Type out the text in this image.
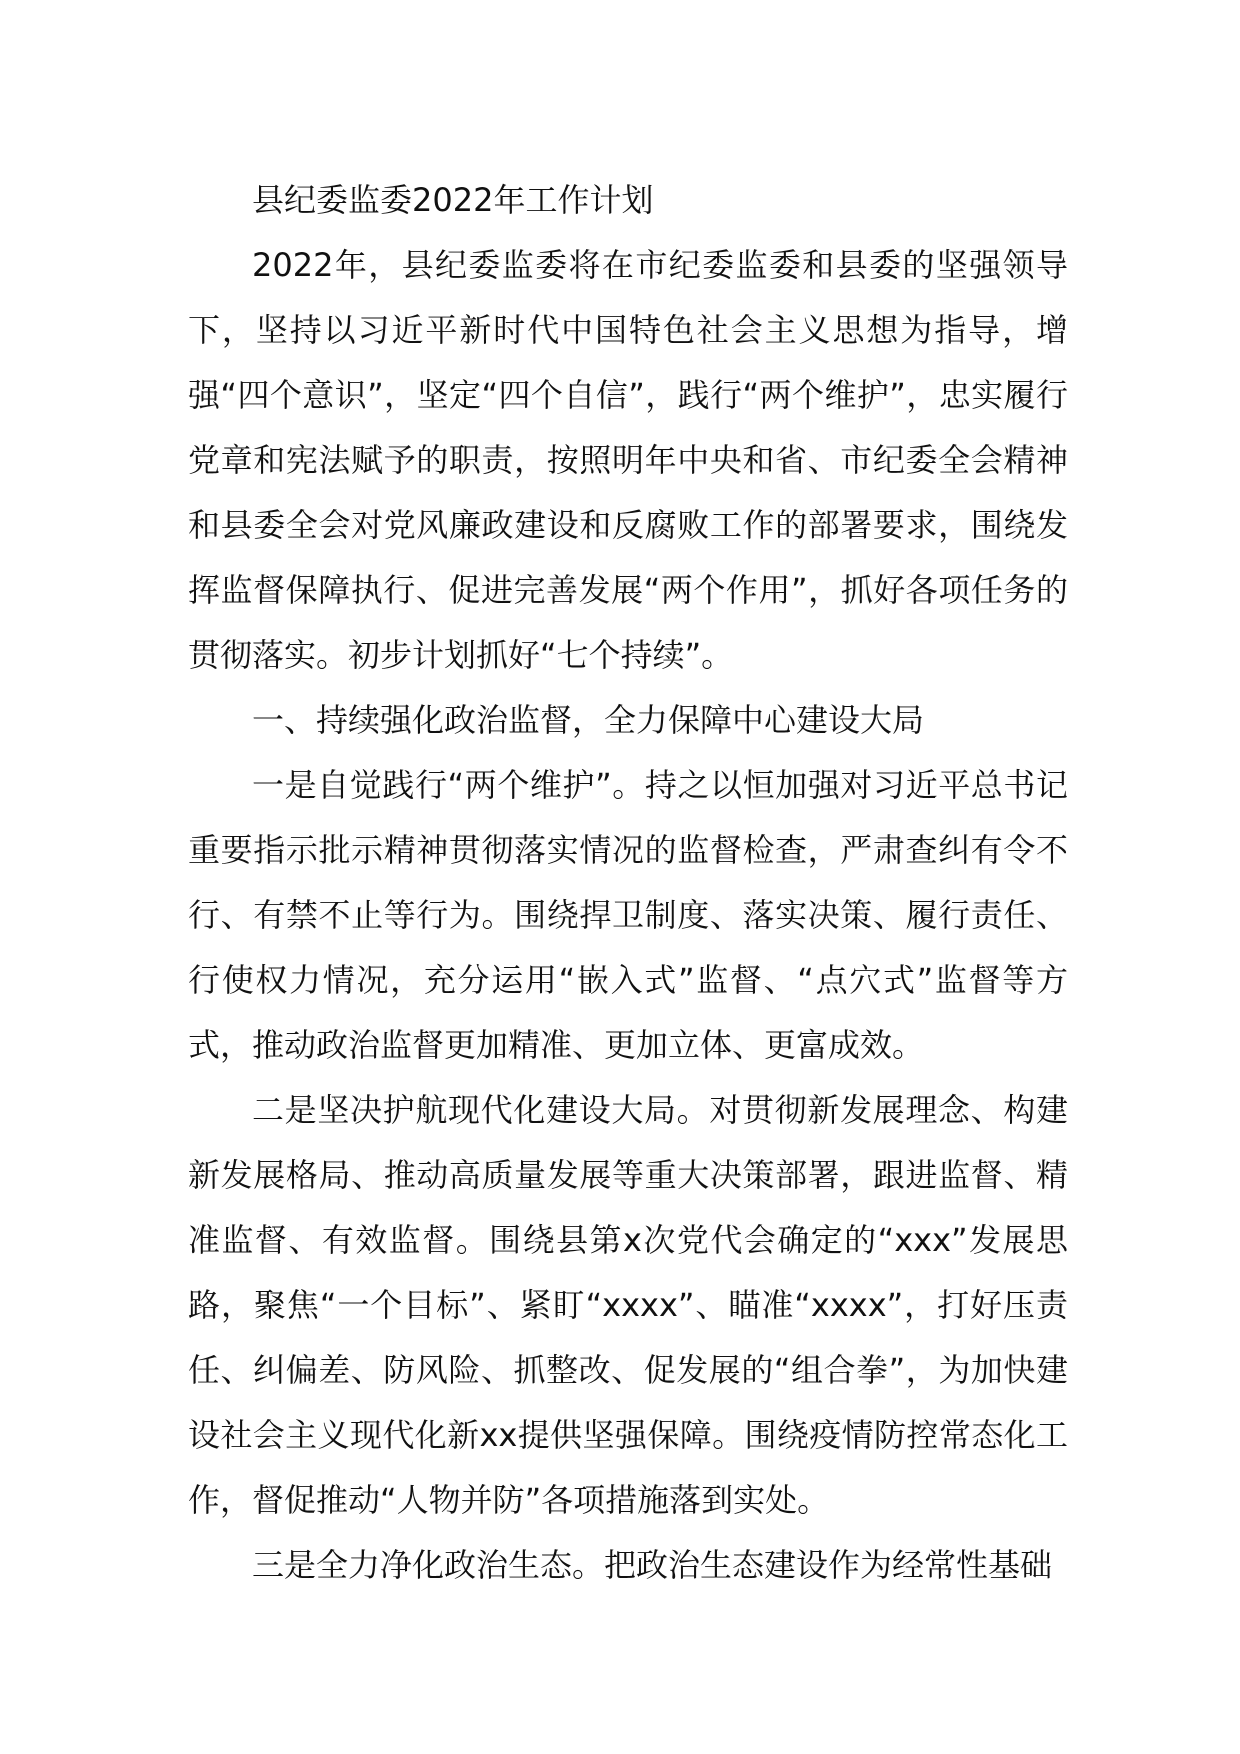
县纪委监委2022年工作计划

2022年，县纪委监委将在市纪委监委和县委的坚强领导下，坚持以习近平新时代中国特色社会主义思想为指导，增强“四个意识”，坚定“四个自信”，践行“两个维护”，忠实履行党章和宪法赋予的职责，按照明年中央和省、市纪委全会精神和县委全会对党风廉政建设和反腐败工作的部署要求，围绕发挥监督保障执行、促进完善发展“两个作用”，抓好各项任务的贯彻落实。初步计划抓好“七个持续”。

一、持续强化政治监督，全力保障中心建设大局

一是自觉践行“两个维护”。持之以恒加强对习近平总书记重要指示批示精神贯彻落实情况的监督检查，严肃查纠有令不行、有禁不止等行为。围绕捍卫制度、落实决策、履行责任、行使权力情况，充分运用“嵌入式”监督、“点穴式”监督等方式，推动政治监督更加精准、更加立体、更富成效。

二是坚决护航现代化建设大局。对贯彻新发展理念、构建新发展格局、推动高质量发展等重大决策部署，跟进监督、精准监督、有效监督。围绕县第x次党代会确定的“xxx”发展思路，聚焦“一个目标”、紧盯“xxxx”、瞄准“xxxx”，打好压责任、纠偏差、防风险、抓整改、促发展的“组合拳”，为加快建设社会主义现代化新xx提供坚强保障。围绕疫情防控常态化工作，督促推动“人物并防”各项措施落到实处。

三是全力净化政治生态。把政治生态建设作为经常性基础
